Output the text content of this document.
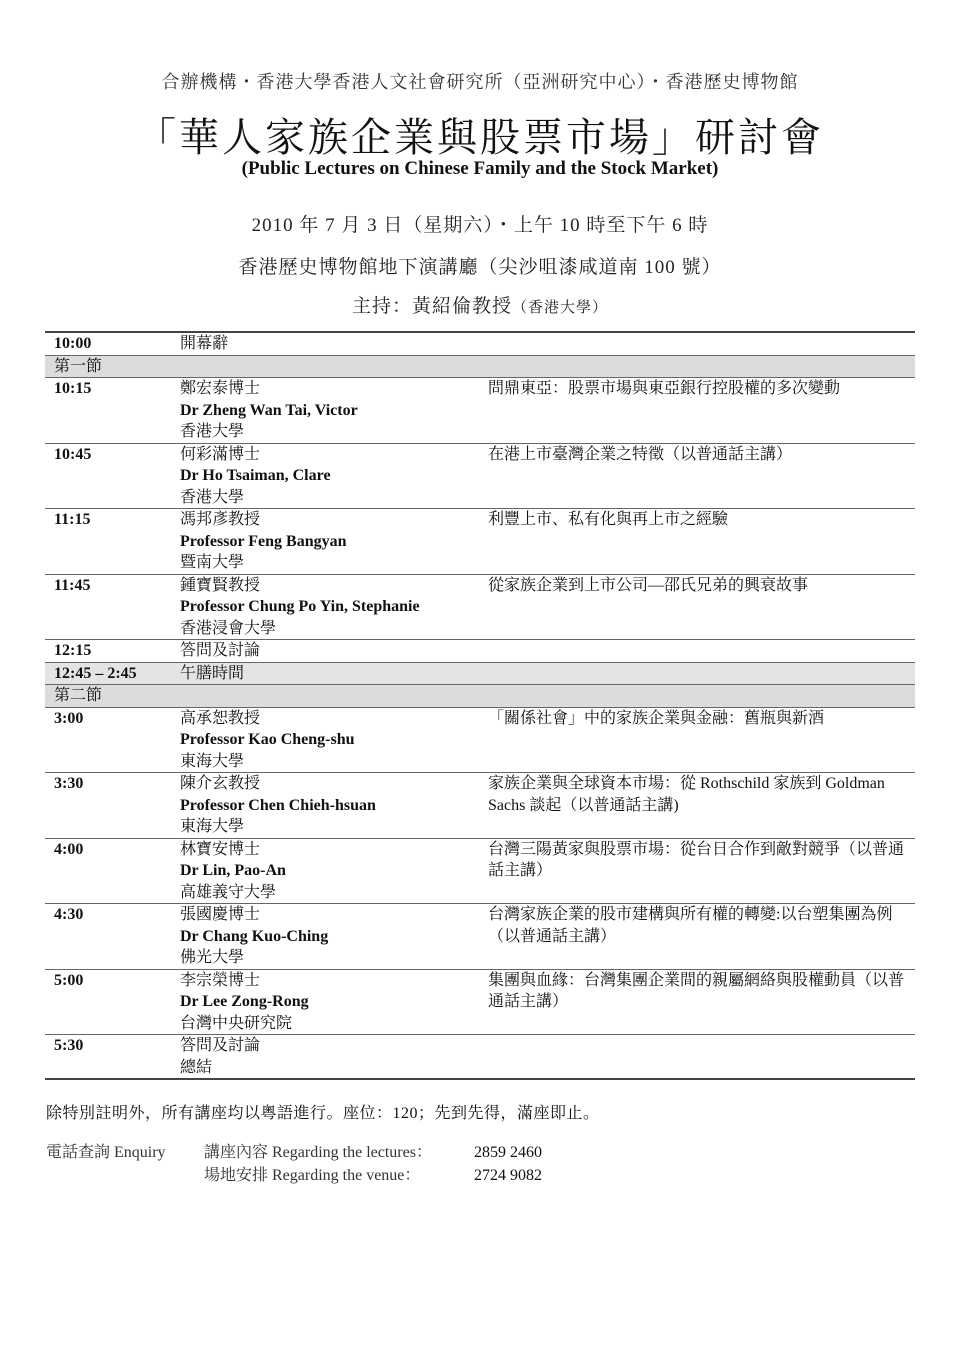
合辦機構・香港大學香港人文社會研究所（亞洲研究中心）・香港歷史博物館
「華人家族企業與股票市場」研討會
(Public Lectures on Chinese Family and the Stock Market)
2010 年 7 月 3 日（星期六）・上午 10 時至下午 6 時
香港歷史博物館地下演講廳（尖沙咀漆咸道南 100 號）
主持：黃紹倫教授（香港大學）
10:00	開幕辭	
第一節		
10:15	鄭宏泰博士
Dr Zheng Wan Tai, Victor
香港大學	問鼎東亞：股票市場與東亞銀行控股權的多次變動
10:45	何彩滿博士
Dr Ho Tsaiman, Clare
香港大學	在港上市臺灣企業之特徵（以普通話主講）
11:15	馮邦彥教授
Professor Feng Bangyan
暨南大學	利豐上市、私有化與再上市之經驗
11:45	鍾寶賢教授
Professor Chung Po Yin, Stephanie
香港浸會大學	從家族企業到上市公司—邵氏兄弟的興衰故事
12:15	答問及討論	
12:45 – 2:45	午膳時間	
第二節		
3:00	高承恕教授
Professor Kao Cheng-shu
東海大學	「關係社會」中的家族企業與金融：舊瓶與新酒
3:30	陳介玄教授
Professor Chen Chieh-hsuan
東海大學	家族企業與全球資本市場：從 Rothschild 家族到 Goldman Sachs 談起（以普通話主講)
4:00	林寶安博士
Dr Lin, Pao-An
高雄義守大學	台灣三陽黃家與股票市場：從台日合作到敵對競爭（以普通話主講）
4:30	張國慶博士
Dr Chang Kuo-Ching
佛光大學	台灣家族企業的股市建構與所有權的轉變:以台塑集團為例（以普通話主講）
5:00	李宗榮博士
Dr Lee Zong-Rong
台灣中央研究院	集團與血緣：台灣集團企業間的親屬網絡與股權動員（以普通話主講）
5:30	答問及討論
總結	

除特別註明外，所有講座均以粵語進行。座位：120；先到先得，滿座即止。
電話查詢 Enquiry	講座內容 Regarding the lectures：	2859 2460
場地安排 Regarding the venue：	2724 9082
